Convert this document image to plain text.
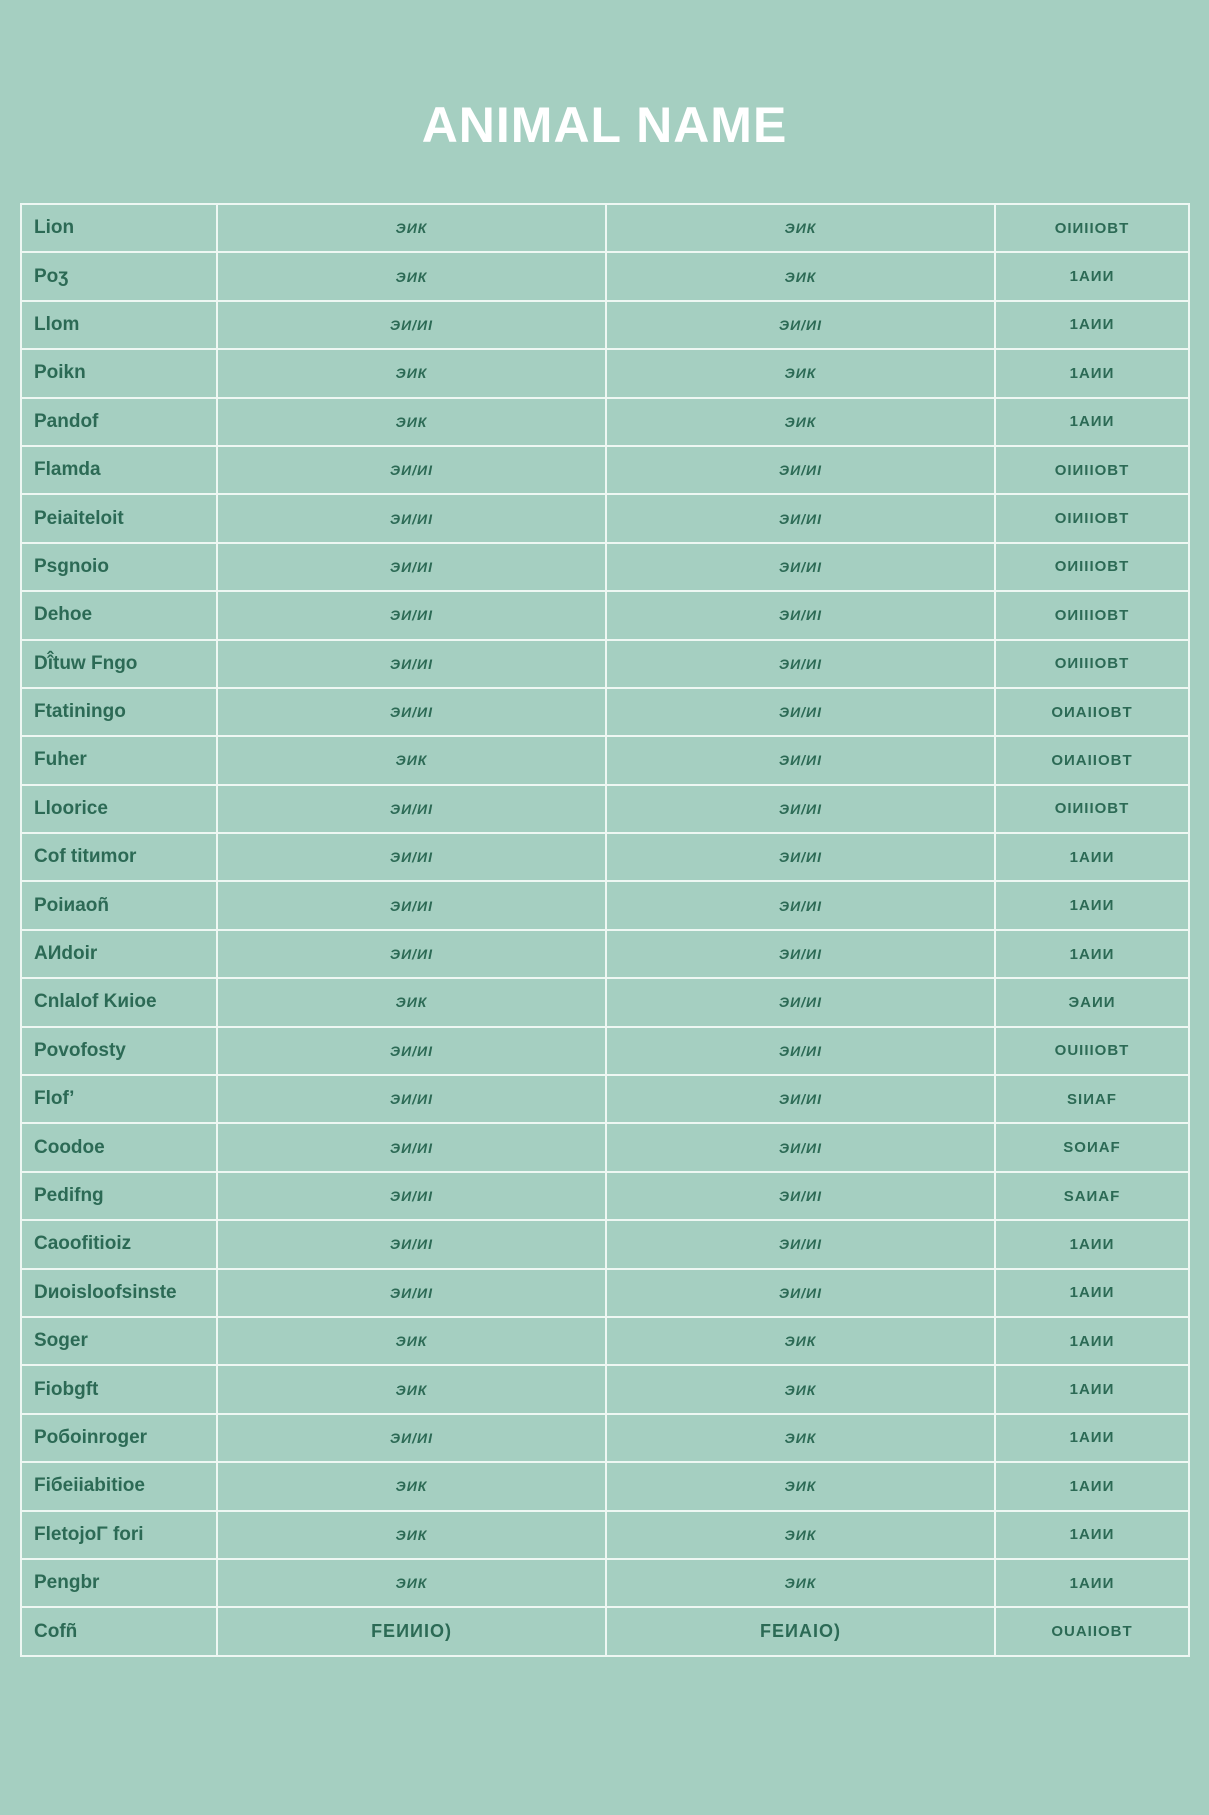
ANIMAL NAME
Lion	ЭИК	ЭИК	OIИIIOBT
Poʒ	ЭИК	ЭИК	1AИИ
Llom	ЭИ/ИI	ЭИ/ИI	1AИИ
Poikn	ЭИК	ЭИК	1AИИ
Pandof	ЭИК	ЭИК	1AИИ
Flamda	ЭИ/ИI	ЭИ/ИI	OIИIIOBT
Peiaiteloit	ЭИ/ИI	ЭИ/ИI	OIИIIOBT
Psgnoio	ЭИ/ИI	ЭИ/ИI	OИIIIOBT
Dehoe	ЭИ/ИI	ЭИ/ИI	OИIIIOBT
Dî̂tuw Fngo	ЭИ/ИI	ЭИ/ИI	OИIIIOBT
Ftatiningo	ЭИ/ИI	ЭИ/ИI	OИAIIOBT
Fuher	ЭИК	ЭИ/ИI	OИAIIOBT
Lloorice	ЭИ/ИI	ЭИ/ИI	OIИIIOBT
Cof titиmor	ЭИ/ИI	ЭИ/ИI	1AИИ
Poiиaoñ	ЭИ/ИI	ЭИ/ИI	1AИИ
AИdoir	ЭИ/ИI	ЭИ/ИI	1AИИ
Cnlalof Kиioe	ЭИК	ЭИ/ИI	ЭAИИ
Povofosty	ЭИ/ИI	ЭИ/ИI	OUIIIOBT
Flof’	ЭИ/ИI	ЭИ/ИI	SIИAF
Coodoe	ЭИ/ИI	ЭИ/ИI	SOИAF
Pedifng	ЭИ/ИI	ЭИ/ИI	SAИAF
Caoofitioiz	ЭИ/ИI	ЭИ/ИI	1AИИ
Dиoisloofsinste	ЭИ/ИI	ЭИ/ИI	1AИИ
Soger	ЭИК	ЭИК	1AИИ
Fiobgft	ЭИК	ЭИК	1AИИ
Poбoinroger	ЭИ/ИI	ЭИК	1AИИ
Fiбeiiabitioe	ЭИК	ЭИК	1AИИ
FletojoΓ fori	ЭИК	ЭИК	1AИИ
Pengbr	ЭИК	ЭИК	1AИИ
Cofñ	FEИИIO)	FEИAIO)	OUAIIOBT
